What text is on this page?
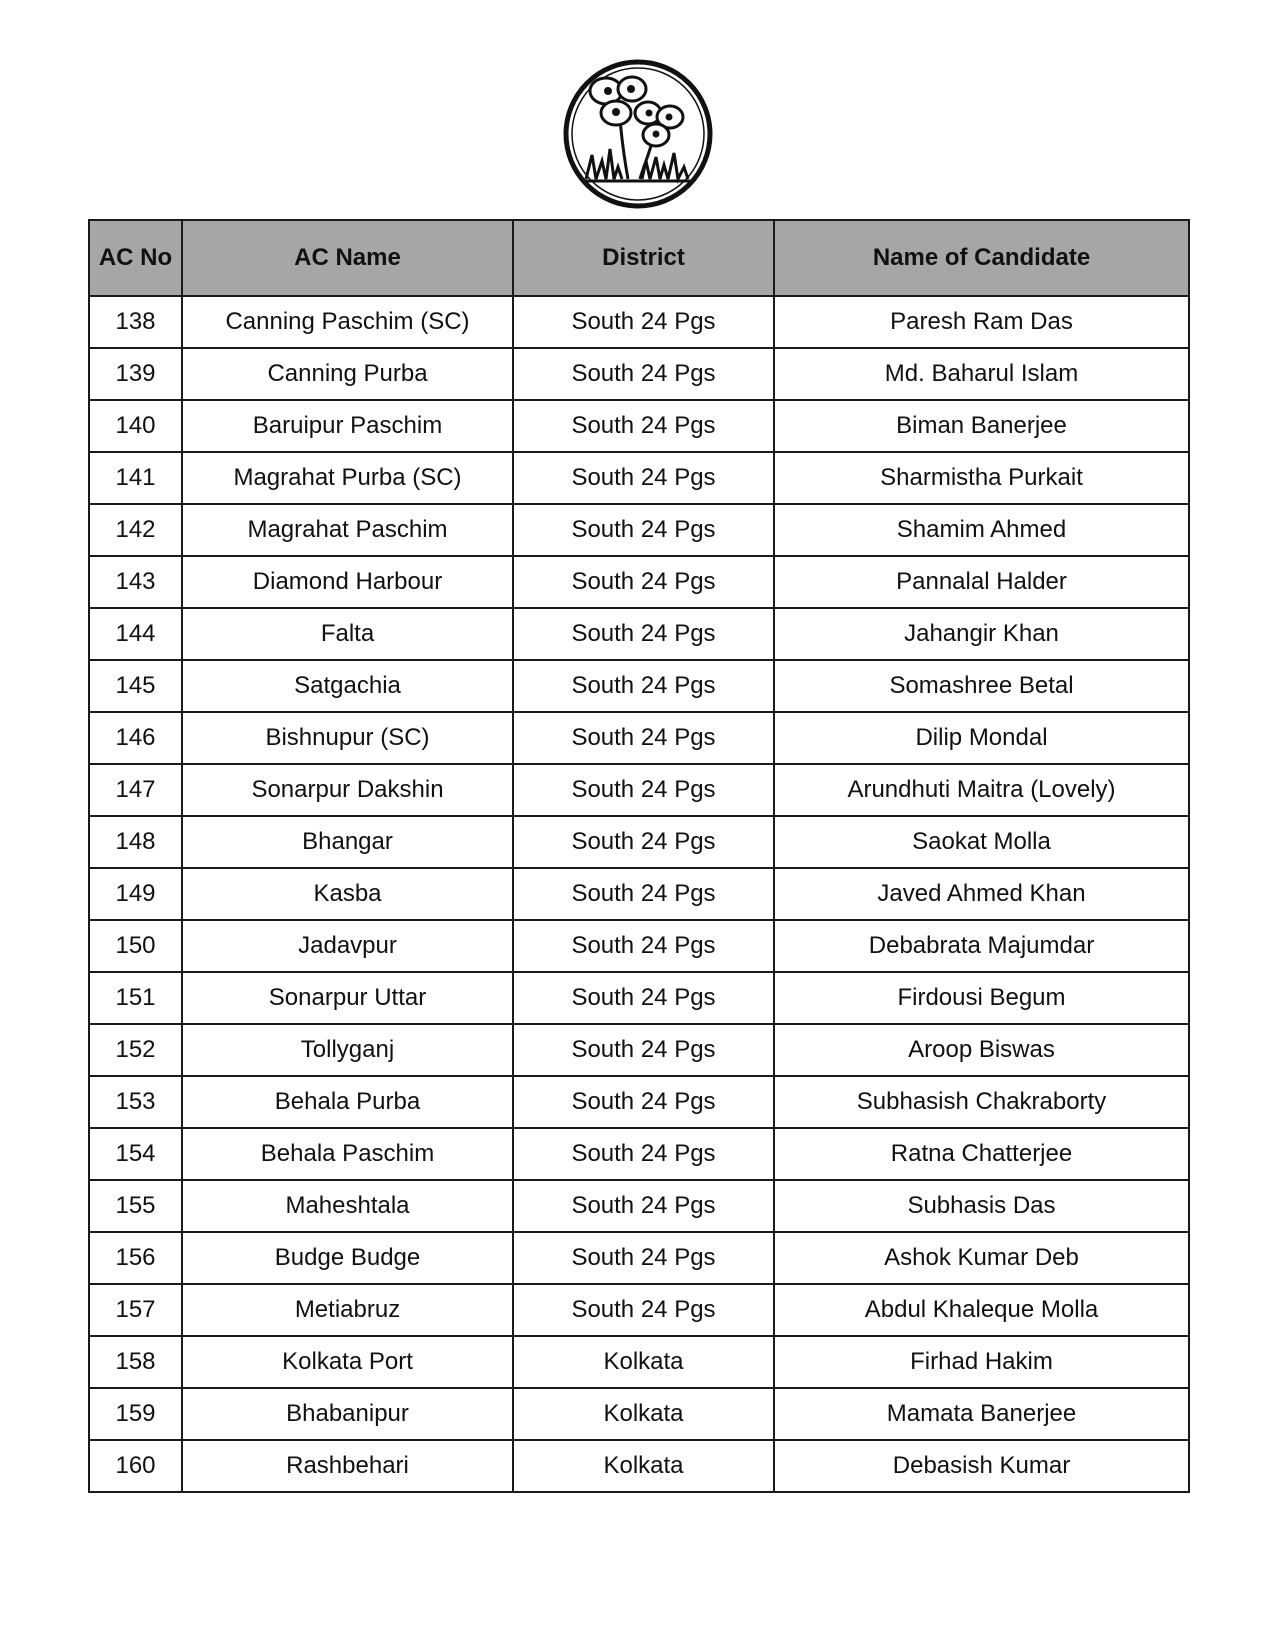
AC No	AC Name	District	Name of Candidate
138	Canning Paschim (SC)	South 24 Pgs	Paresh Ram Das
139	Canning Purba	South 24 Pgs	Md. Baharul Islam
140	Baruipur Paschim	South 24 Pgs	Biman Banerjee
141	Magrahat Purba (SC)	South 24 Pgs	Sharmistha Purkait
142	Magrahat Paschim	South 24 Pgs	Shamim Ahmed
143	Diamond Harbour	South 24 Pgs	Pannalal Halder
144	Falta	South 24 Pgs	Jahangir Khan
145	Satgachia	South 24 Pgs	Somashree Betal
146	Bishnupur (SC)	South 24 Pgs	Dilip Mondal
147	Sonarpur Dakshin	South 24 Pgs	Arundhuti Maitra (Lovely)
148	Bhangar	South 24 Pgs	Saokat Molla
149	Kasba	South 24 Pgs	Javed Ahmed Khan
150	Jadavpur	South 24 Pgs	Debabrata Majumdar
151	Sonarpur Uttar	South 24 Pgs	Firdousi Begum
152	Tollyganj	South 24 Pgs	Aroop Biswas
153	Behala Purba	South 24 Pgs	Subhasish Chakraborty
154	Behala Paschim	South 24 Pgs	Ratna Chatterjee
155	Maheshtala	South 24 Pgs	Subhasis Das
156	Budge Budge	South 24 Pgs	Ashok Kumar Deb
157	Metiabruz	South 24 Pgs	Abdul Khaleque Molla
158	Kolkata Port	Kolkata	Firhad Hakim
159	Bhabanipur	Kolkata	Mamata Banerjee
160	Rashbehari	Kolkata	Debasish Kumar
